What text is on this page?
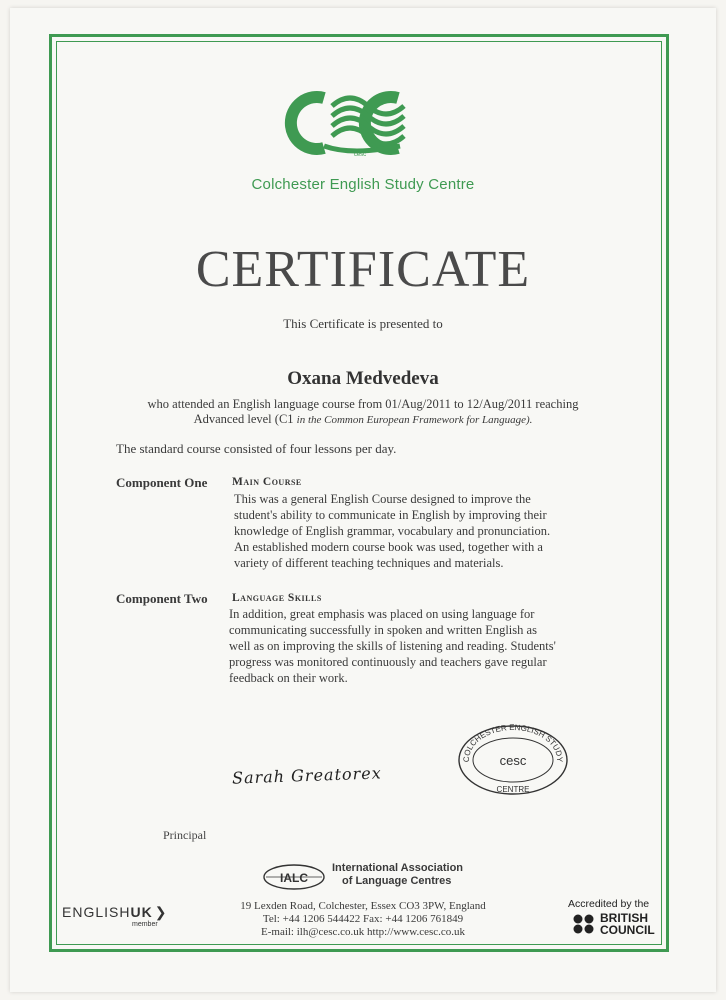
cesc
Colchester English Study Centre
CERTIFICATE
This Certificate is presented to
Oxana Medvedeva
who attended an English language course from 01/Aug/2011 to 12/Aug/2011 reaching
Advanced level (C1 in the Common European Framework for Language).
The standard course consisted of four lessons per day.
Component One Main Course
This was a general English Course designed to improve the
student's ability to communicate in English by improving their
knowledge of English grammar, vocabulary and pronunciation.
An established modern course book was used, together with a
variety of different teaching techniques and materials.
Component Two Language Skills
In addition, great emphasis was placed on using language for
communicating successfully in spoken and written English as
well as on improving the skills of listening and reading. Students'
progress was monitored continuously and teachers gave regular
feedback on their work.
COLCHESTER ENGLISH STUDY
cesc
CENTRE
Sarah Greatorex
Principal
IALC
International Association
of Language Centres
19 Lexden Road, Colchester, Essex CO3 3PW, England
Tel: +44 1206 544422 Fax: +44 1206 761849
E-mail: ilh@cesc.co.uk http://www.cesc.co.uk
ENGLISHUK ❯
member
Accredited by the
BRITISH
COUNCIL
